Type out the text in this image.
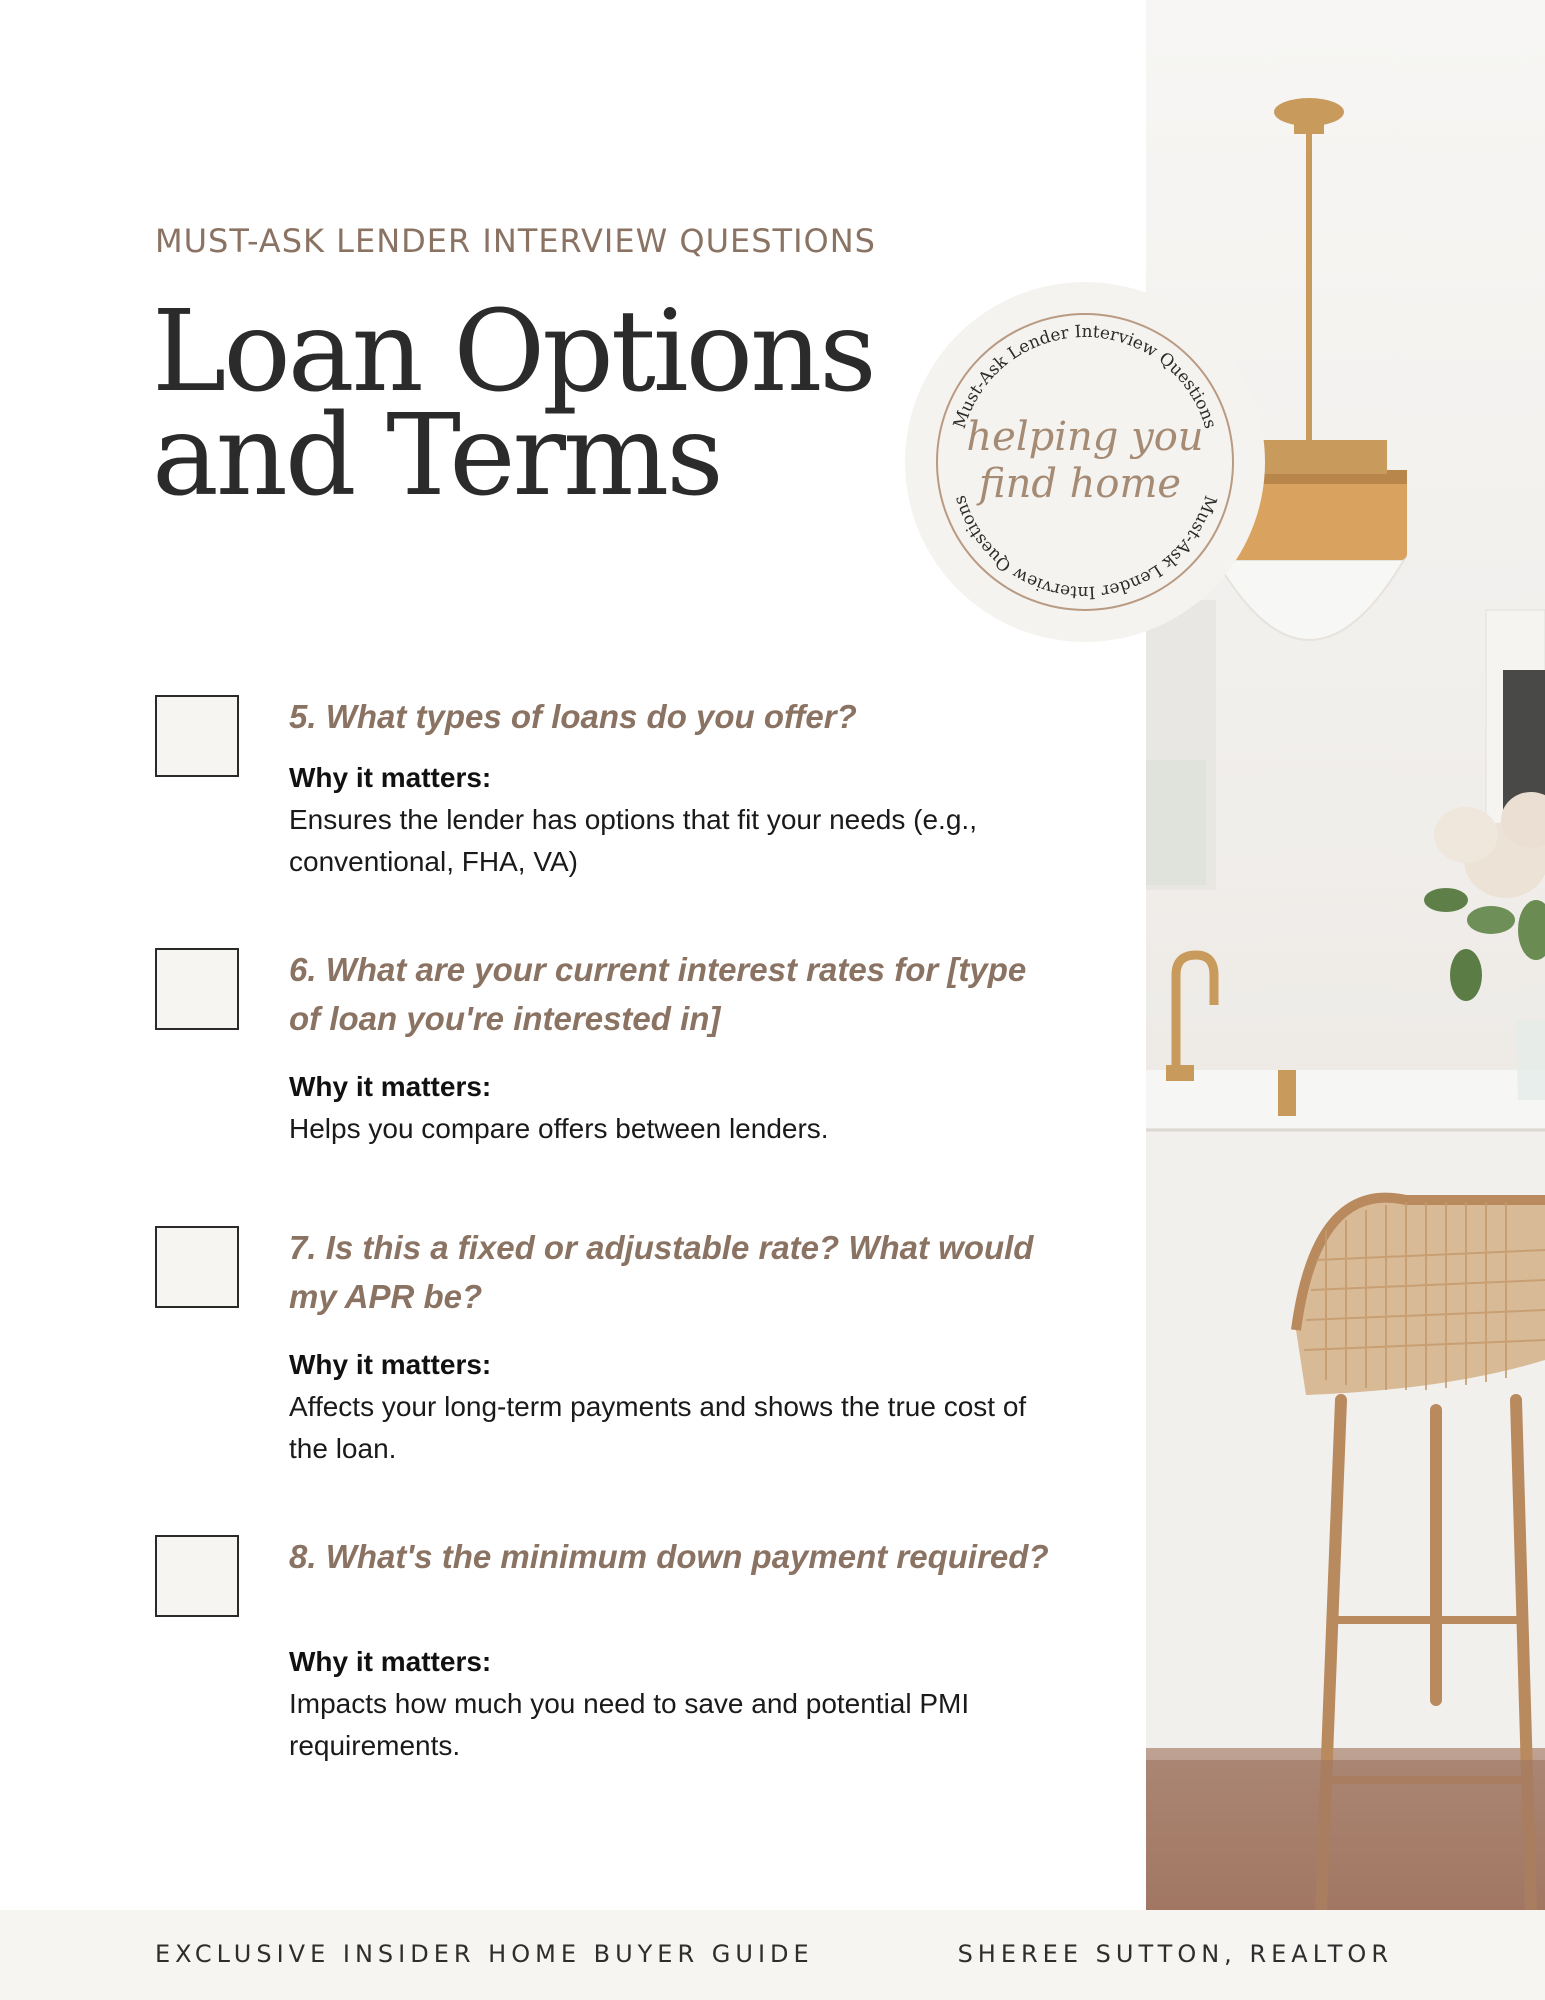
MUST-ASK LENDER INTERVIEW QUESTIONS
Loan Options
and Terms	Must-Ask Lender Interview Questions
Must-Ask Lender Interview Questions
helping you
find home
5. What types of loans do you offer?
Why it matters:
Ensures the lender has options that fit your needs (e.g., conventional, FHA, VA)
6. What are your current interest rates for [type of loan you're interested in]
Why it matters:
Helps you compare offers between lenders.
7. Is this a fixed or adjustable rate? What would my APR be?
Why it matters:
Affects your long-term payments and shows the true cost of the loan.
8. What's the minimum down payment required?
Why it matters:
Impacts how much you need to save and potential PMI requirements.
EXCLUSIVE INSIDER HOME BUYER GUIDE	SHEREE SUTTON, REALTOR
